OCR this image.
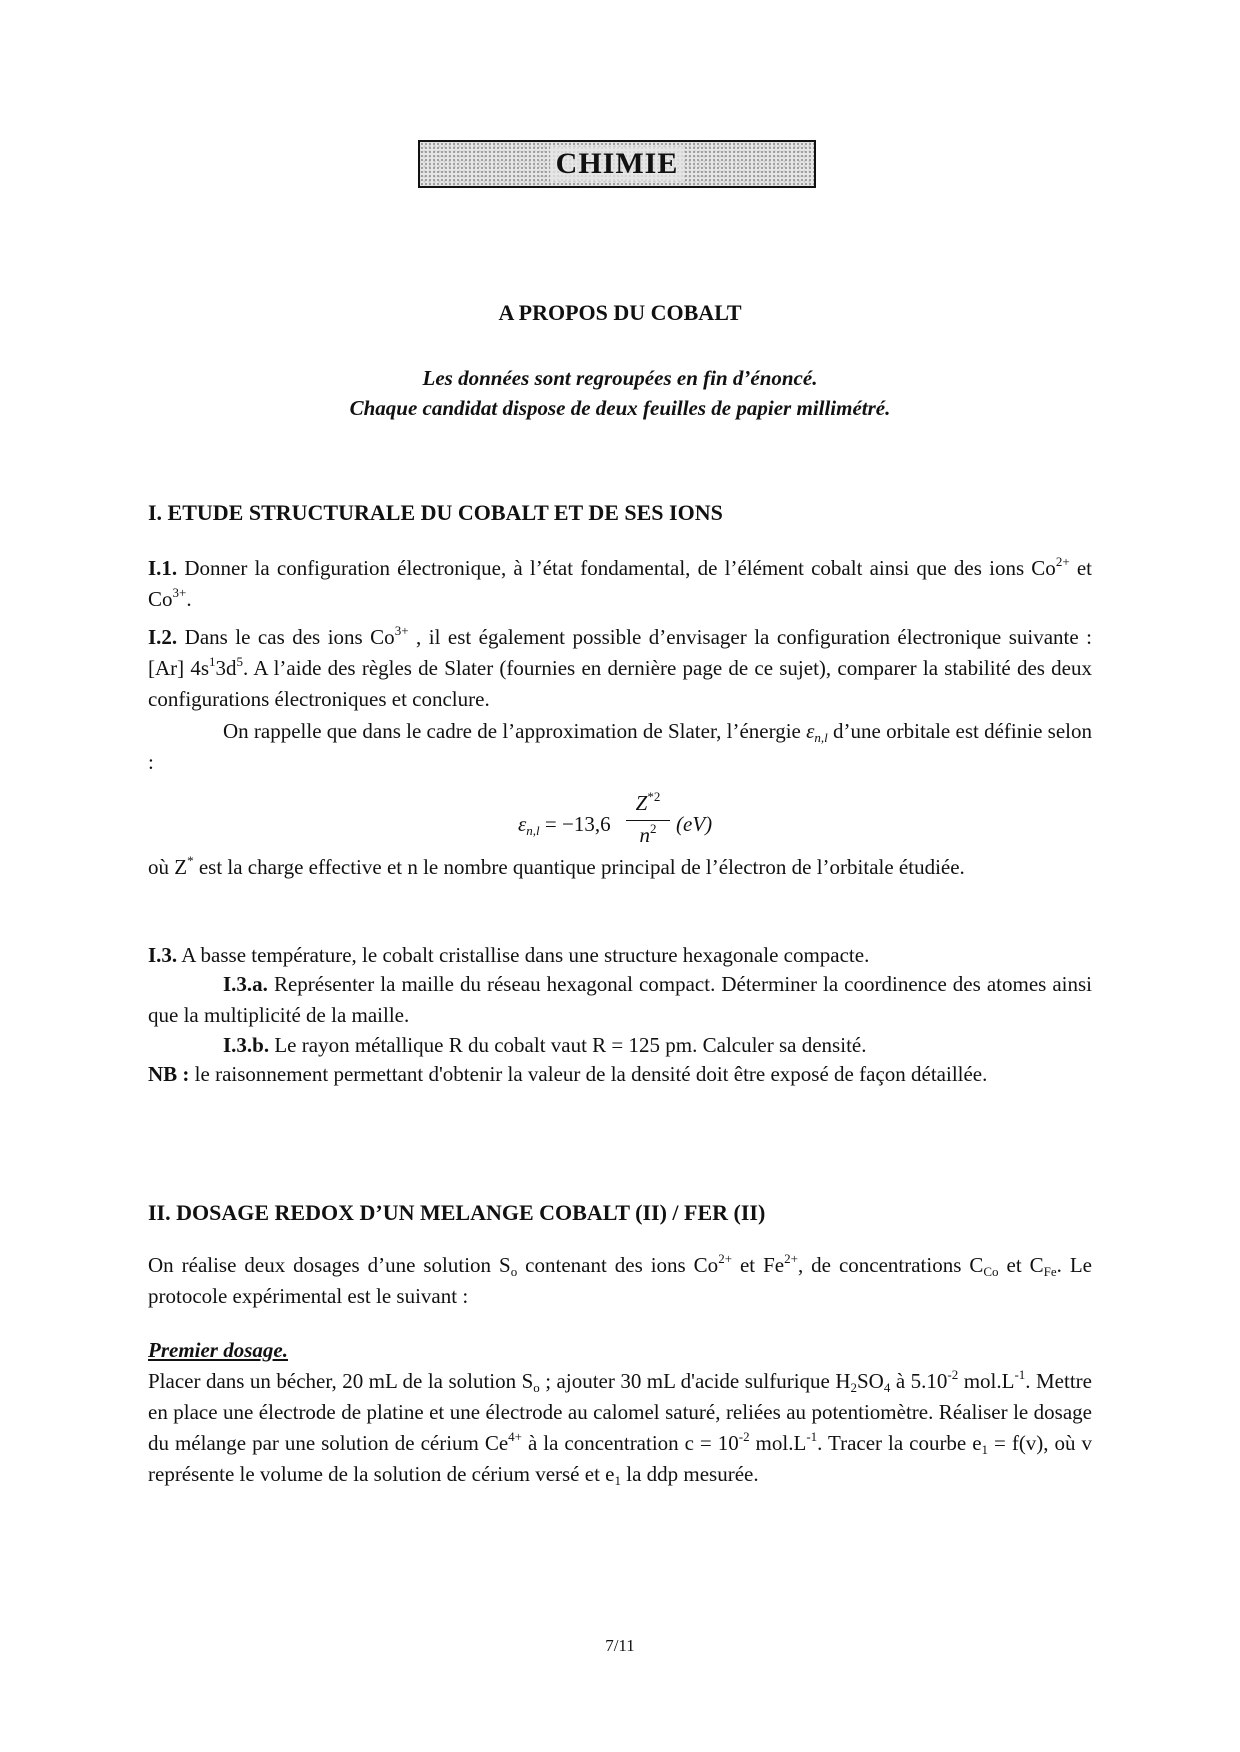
CHIMIE
A PROPOS DU COBALT
Les données sont regroupées en fin d’énoncé.
Chaque candidat dispose de deux feuilles de papier millimétré.
I. ETUDE STRUCTURALE DU COBALT ET DE SES IONS
I.1. Donner la configuration électronique, à l’état fondamental, de l’élément cobalt ainsi que des ions $Co^{2+}$ et $Co^{3+}$.
I.2. Dans le cas des ions $Co^{3+}$ , il est également possible d’envisager la configuration électronique suivante : [Ar] $4s^13d^5$. A l’aide des règles de Slater (fournies en dernière page de ce sujet), comparer la stabilité des deux configurations électroniques et conclure.
On rappelle que dans le cadre de l’approximation de Slater, l’énergie $\varepsilon_{n,l}$ d’une orbitale est définie selon :
$\varepsilon_{n,l} = -13,6$
$Z^{*2}$
$n^2$ (eV)
où Z* est la charge effective et n le nombre quantique principal de l’électron de l’orbitale étudiée.
I.3. A basse température, le cobalt cristallise dans une structure hexagonale compacte.
I.3.a. Représenter la maille du réseau hexagonal compact. Déterminer la coordinence des atomes ainsi que la multiplicité de la maille.
I.3.b. Le rayon métallique R du cobalt vaut R = 125 pm. Calculer sa densité.
NB : le raisonnement permettant d'obtenir la valeur de la densité doit être exposé de façon détaillée.
II. DOSAGE REDOX D’UN MELANGE COBALT (II) / FER (II)
On réalise deux dosages d’une solution $S_o$ contenant des ions $Co^{2+}$ et $Fe^{2+}$, de concentrations $C_{Co}$ et $C_{Fe}$. Le protocole expérimental est le suivant :
Premier dosage.
Placer dans un bécher, 20 mL de la solution $S_o$ ; ajouter 30 mL d'acide sulfurique $H_2SO_4$ à $5.10^{-2}$ $mol.L^{-1}$. Mettre en place une électrode de platine et une électrode au calomel saturé, reliées au potentiomètre. Réaliser le dosage du mélange par une solution de cérium $Ce^{4+}$ à la concentration $c = 10^{-2}$ $mol.L^{-1}$. Tracer la courbe $e_1 = f(v)$, où v représente le volume de la solution de cérium versé et $e_1$ la ddp mesurée.
7/11
